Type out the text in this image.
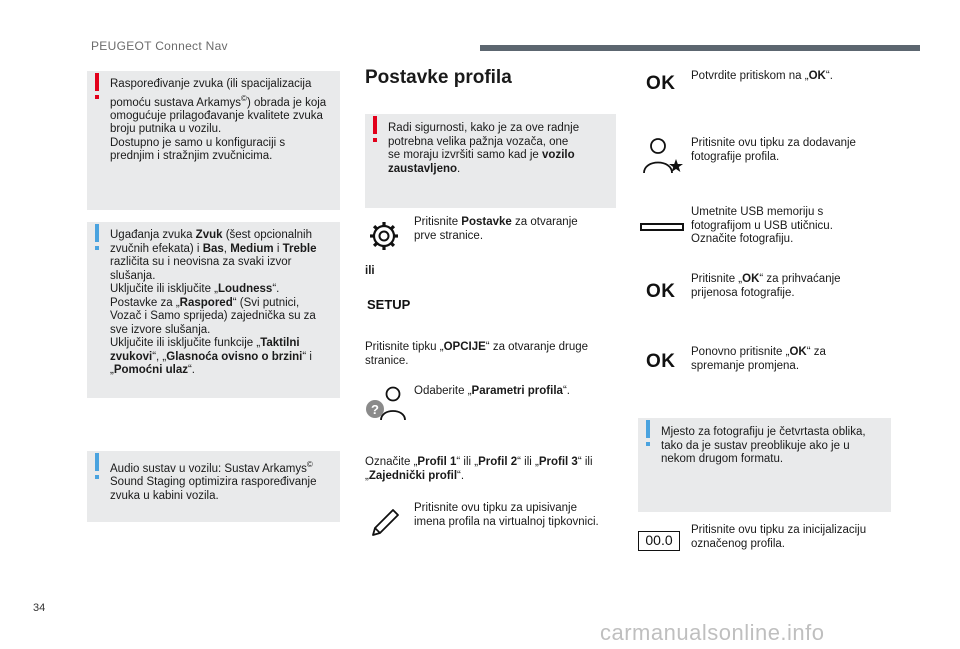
PEUGEOT Connect Nav

Raspoređivanje zvuka (ili spacijalizacija
pomoću sustava Arkamys©) obrada je koja
omogućuje prilagođavanje kvalitete zvuka
broju putnika u vozilu.
Dostupno je samo u konfiguraciji s
prednjim i stražnjim zvučnicima.

Ugađanja zvuka Zvuk (šest opcionalnih
zvučnih efekata) i Bas, Medium i Treble
različita su i neovisna za svaki izvor
slušanja.
Uključite ili isključite „Loudness“.
Postavke za „Raspored“ (Svi putnici,
Vozač i Samo sprijeda) zajednička su za
sve izvore slušanja.
Uključite ili isključite funkcije „Taktilni
zvukovi“, „Glasnoća ovisno o brzini“ i
„Pomoćni ulaz“.

Audio sustav u vozilu: Sustav Arkamys©
Sound Staging optimizira raspoređivanje
zvuka u kabini vozila.

Postavke profila

Radi sigurnosti, kako je za ove radnje
potrebna velika pažnja vozača, one
se moraju izvršiti samo kad je vozilo
zaustavljeno.

Pritisnite Postavke za otvaranje
prve stranice.
ili
SETUP
Pritisnite tipku „OPCIJE“ za otvaranje druge
stranice.
?
Odaberite „Parametri profila“.
Označite „Profil 1“ ili „Profil 2“ ili „Profil 3“ ili
„Zajednički profil“.
Pritisnite ovu tipku za upisivanje
imena profila na virtualnoj tipkovnici.
OK Potvrdite pritiskom na „OK“.
Pritisnite ovu tipku za dodavanje
fotografije profila.
Umetnite USB memoriju s
fotografijom u USB utičnicu.
Označite fotografiju.
OK
Pritisnite „OK“ za prihvaćanje
prijenosa fotografije.
OK Ponovno pritisnite „OK“ za
spremanje promjena.

Mjesto za fotografiju je četvrtasta oblika,
tako da je sustav preoblikuje ako je u
nekom drugom formatu.

00.0
Pritisnite ovu tipku za inicijalizaciju
označenog profila.
34
carmanualsonline.info
